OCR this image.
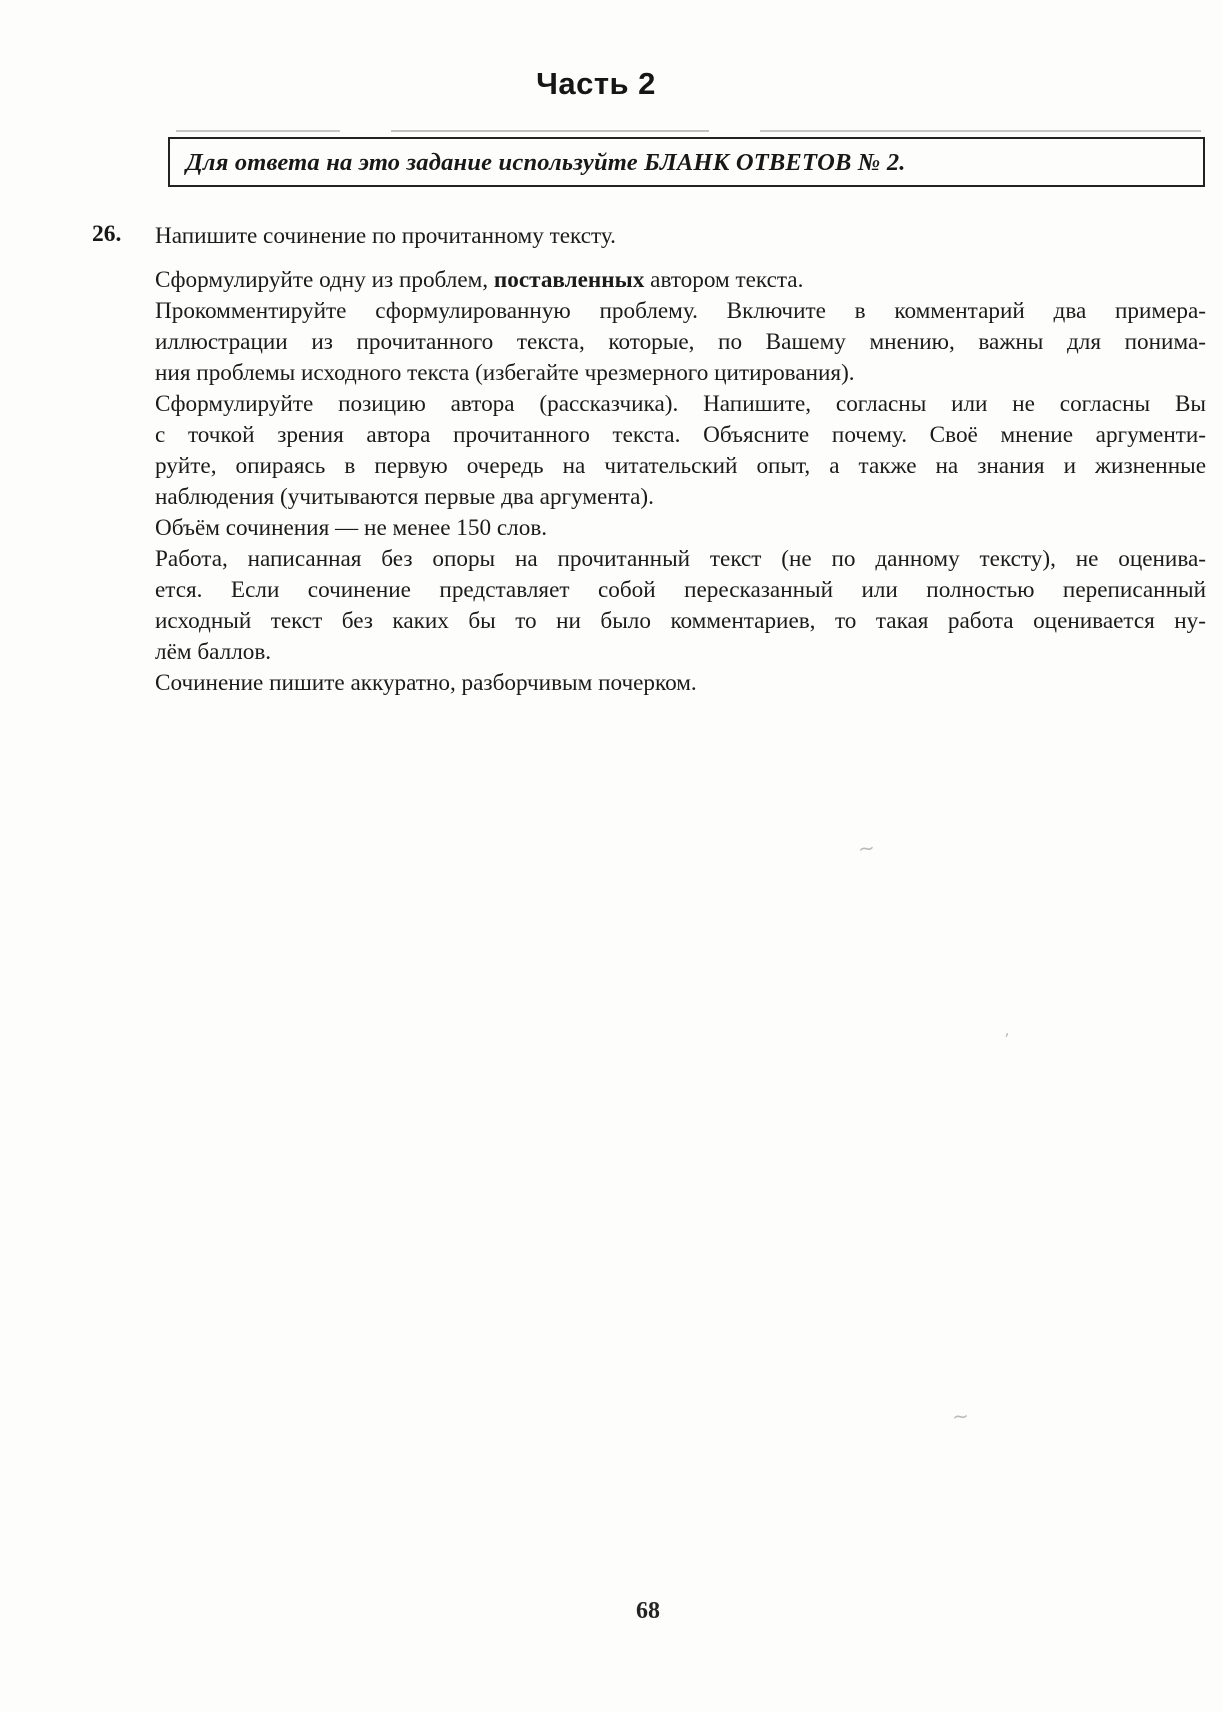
Часть 2
Для ответа на это задание используйте БЛАНК ОТВЕТОВ № 2.
26. Напишите сочинение по прочитанному тексту.
Сформулируйте одну из проблем, поставленных автором текста.
Прокомментируйте сформулированную проблему. Включите в комментарий два примера-
иллюстрации из прочитанного текста, которые, по Вашему мнению, важны для понима-
ния проблемы исходного текста (избегайте чрезмерного цитирования).
Сформулируйте позицию автора (рассказчика). Напишите, согласны или не согласны Вы
с точкой зрения автора прочитанного текста. Объясните почему. Своё мнение аргументи-
руйте, опираясь в первую очередь на читательский опыт, а также на знания и жизненные
наблюдения (учитываются первые два аргумента).
Объём сочинения — не менее 150 слов.
Работа, написанная без опоры на прочитанный текст (не по данному тексту), не оценива-
ется. Если сочинение представляет собой пересказанный или полностью переписанный
исходный текст без каких бы то ни было комментариев, то такая работа оценивается ну-
лём баллов.
Сочинение пишите аккуратно, разборчивым почерком.
~
ʼ
~
68
